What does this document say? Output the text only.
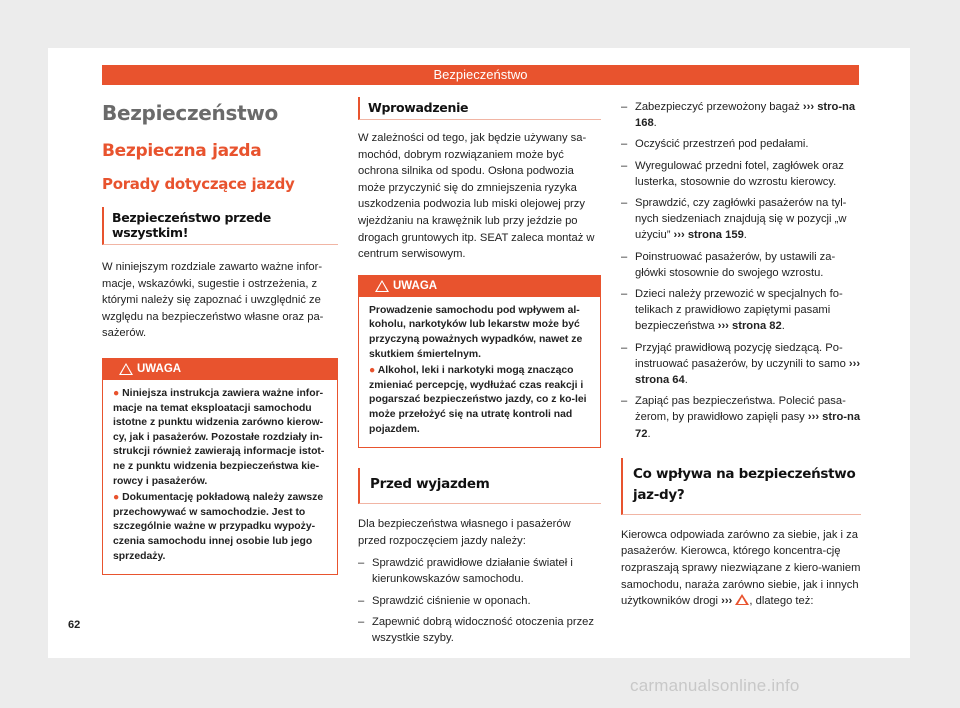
Bezpieczeństwo
Bezpieczeństwo
Bezpieczna jazda
Porady dotyczące jazdy
Bezpieczeństwo przede wszystkim!

W niniejszym rozdziale zawarto ważne infor-macje, wskazówki, sugestie i ostrzeżenia, z którymi należy się zapoznać i uwzględnić ze względu na bezpieczeństwo własne oraz pa-sażerów.

UWAGA
● Niniejsza instrukcja zawiera ważne infor-macje na temat eksploatacji samochodu istotne z punktu widzenia zarówno kierow-cy, jak i pasażerów. Pozostałe rozdziały in-strukcji również zawierają informacje istot-ne z punktu widzenia bezpieczeństwa kie-rowcy i pasażerów.
● Dokumentację pokładową należy zawsze przechowywać w samochodzie. Jest to szczególnie ważne w przypadku wypoży-czenia samochodu innej osobie lub jego sprzedaży.
Wprowadzenie

W zależności od tego, jak będzie używany sa-mochód, dobrym rozwiązaniem może być ochrona silnika od spodu. Osłona podwozia może przyczynić się do zmniejszenia ryzyka uszkodzenia podwozia lub miski olejowej przy wjeżdżaniu na krawężnik lub przy jeździe po drogach gruntowych itp. SEAT zaleca montaż w centrum serwisowym.

UWAGA
Prowadzenie samochodu pod wpływem al-koholu, narkotyków lub lekarstw może być przyczyną poważnych wypadków, nawet ze skutkiem śmiertelnym.
● Alkohol, leki i narkotyki mogą znacząco zmieniać percepcję, wydłużać czas reakcji i pogarszać bezpieczeństwo jazdy, co z ko-lei może przełożyć się na utratę kontroli nad pojazdem.
Przed wyjazdem

Dla bezpieczeństwa własnego i pasażerów przed rozpoczęciem jazdy należy:

– Sprawdzić prawidłowe działanie świateł i kierunkowskazów samochodu.
– Sprawdzić ciśnienie w oponach.
– Zapewnić dobrą widoczność otoczenia przez wszystkie szyby.
– Zabezpieczyć przewożony bagaż ››› stro-na 168.
– Oczyścić przestrzeń pod pedałami.
– Wyregulować przedni fotel, zagłówek oraz lusterka, stosownie do wzrostu kierowcy.
– Sprawdzić, czy zagłówki pasażerów na tyl-nych siedzeniach znajdują się w pozycji „w użyciu” ››› strona 159.
– Poinstruować pasażerów, by ustawili za-główki stosownie do swojego wzrostu.
– Dzieci należy przewozić w specjalnych fo-telikach z prawidłowo zapiętymi pasami bezpieczeństwa ››› strona 82.
– Przyjąć prawidłową pozycję siedzącą. Po-instruować pasażerów, by uczynili to samo ››› strona 64.
– Zapiąć pas bezpieczeństwa. Polecić pasa-żerom, by prawidłowo zapięli pasy ››› stro-na 72.
Co wpływa na bezpieczeństwo jaz-dy?

Kierowca odpowiada zarówno za siebie, jak i za pasażerów. Kierowca, którego koncentra-cję rozpraszają sprawy niezwiązane z kiero-waniem samochodu, naraża zarówno siebie, jak i innych użytkowników drogi ››› , dlatego też:

62
carmanualsonline.info
